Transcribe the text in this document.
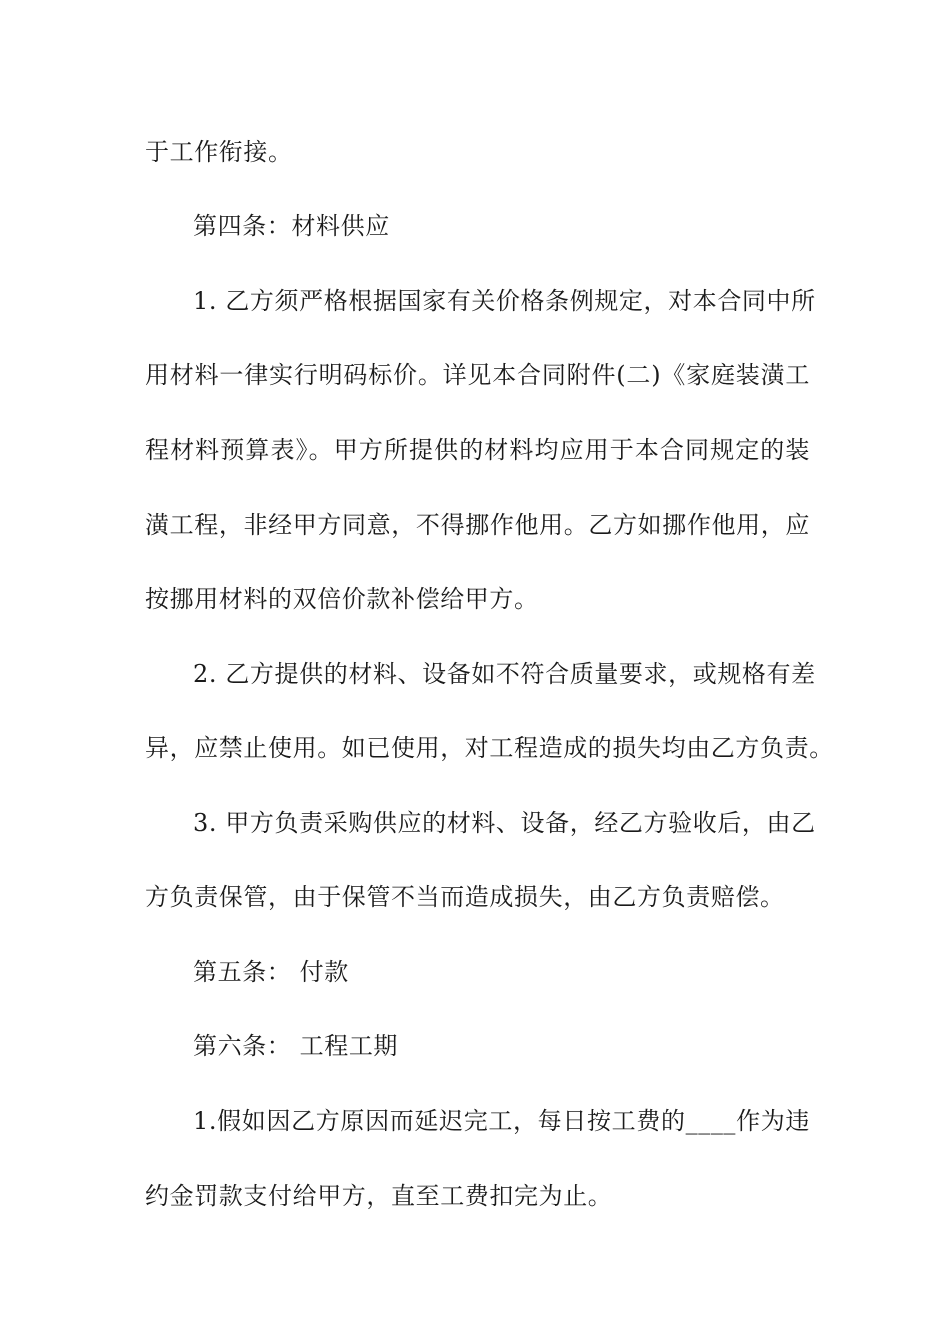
于工作衔接。
第四条：材料供应
1. 乙方须严格根据国家有关价格条例规定，对本合同中所
用材料一律实行明码标价。详见本合同附件(二)《家庭装潢工
程材料预算表》。甲方所提供的材料均应用于本合同规定的装
潢工程，非经甲方同意，不得挪作他用。乙方如挪作他用，应
按挪用材料的双倍价款补偿给甲方。
2. 乙方提供的材料、设备如不符合质量要求，或规格有差
异，应禁止使用。如已使用，对工程造成的损失均由乙方负责。
3. 甲方负责采购供应的材料、设备，经乙方验收后，由乙
方负责保管，由于保管不当而造成损失，由乙方负责赔偿。
第五条： 付款
第六条： 工程工期
1.假如因乙方原因而延迟完工，每日按工费的____作为违
约金罚款支付给甲方，直至工费扣完为止。
